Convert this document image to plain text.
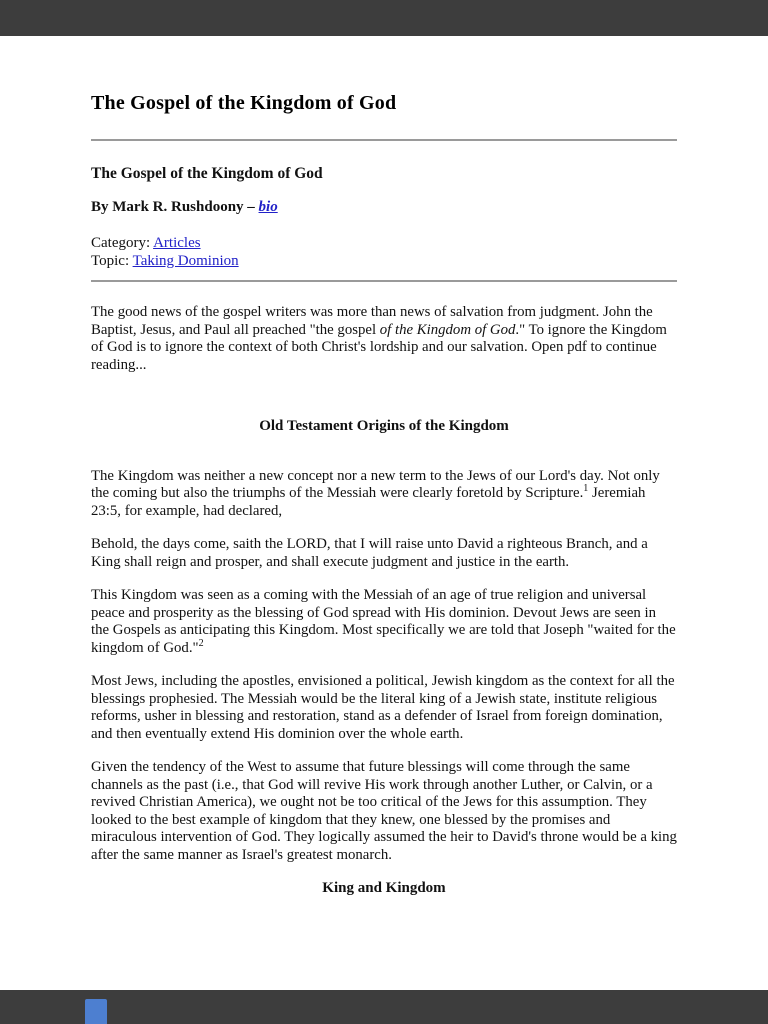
The Gospel of the Kingdom of God
The Gospel of the Kingdom of God

By Mark R. Rushdoony – bio

Category: Articles

Topic: Taking Dominion

The good news of the gospel writers was more than news of salvation from judgment. John the Baptist, Jesus, and Paul all preached "the gospel of the Kingdom of God." To ignore the Kingdom of God is to ignore the context of both Christ's lordship and our salvation. Open pdf to continue reading...

Old Testament Origins of the Kingdom

The Kingdom was neither a new concept nor a new term to the Jews of our Lord's day. Not only the coming but also the triumphs of the Messiah were clearly foretold by Scripture.$^1$ Jeremiah 23:5, for example, had declared,

Behold, the days come, saith the LORD, that I will raise unto David a righteous Branch, and a King shall reign and prosper, and shall execute judgment and justice in the earth.

This Kingdom was seen as a coming with the Messiah of an age of true religion and universal peace and prosperity as the blessing of God spread with His dominion. Devout Jews are seen in the Gospels as anticipating this Kingdom. Most specifically we are told that Joseph "waited for the kingdom of God."$^2$

Most Jews, including the apostles, envisioned a political, Jewish kingdom as the context for all the blessings prophesied. The Messiah would be the literal king of a Jewish state, institute religious reforms, usher in blessing and restoration, stand as a defender of Israel from foreign domination, and then eventually extend His dominion over the whole earth.

Given the tendency of the West to assume that future blessings will come through the same channels as the past (i.e., that God will revive His work through another Luther, or Calvin, or a revived Christian America), we ought not be too critical of the Jews for this assumption. They looked to the best example of kingdom that they knew, one blessed by the promises and miraculous intervention of God. They logically assumed the heir to David's throne would be a king after the same manner as Israel's greatest monarch.

King and Kingdom
